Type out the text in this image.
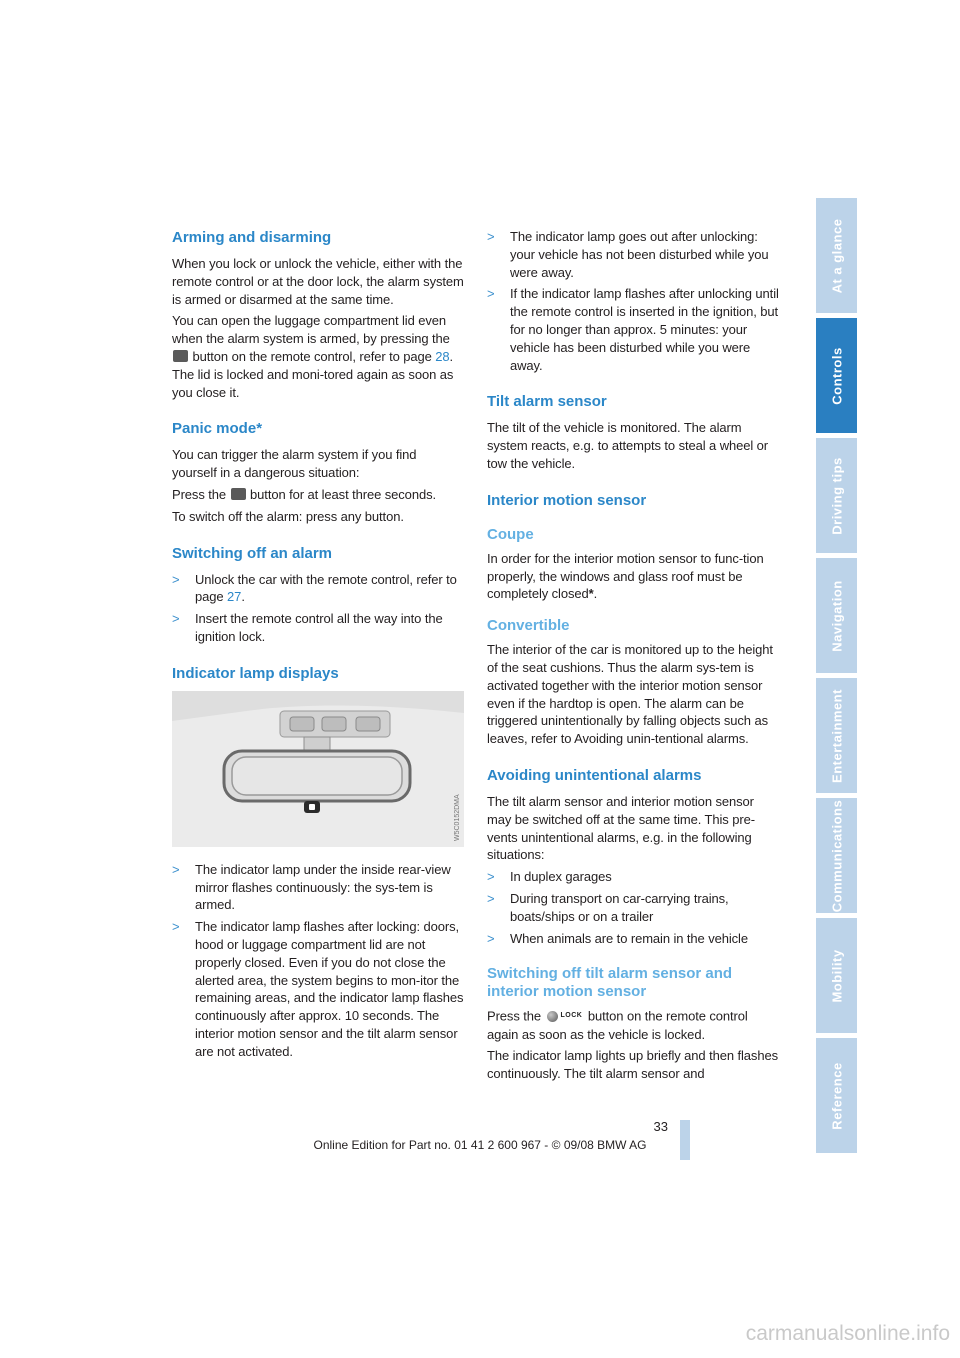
Arming and disarming

When you lock or unlock the vehicle, either with the remote control or at the door lock, the alarm system is armed or disarmed at the same time.

You can open the luggage compartment lid even when the alarm system is armed, by pressing the  button on the remote control, refer to page 28. The lid is locked and moni-tored again as soon as you close it.

Panic mode*

You can trigger the alarm system if you find yourself in a dangerous situation:

Press the button for at least three seconds.

To switch off the alarm: press any button.

Switching off an alarm
> Unlock the car with the remote control, refer to page 27.
> Insert the remote control all the way into the ignition lock.
Indicator lamp displays
W5C0152DMA
> The indicator lamp under the inside rear-view mirror flashes continuously: the sys-tem is armed.
> The indicator lamp flashes after locking: doors, hood or luggage compartment lid are not properly closed. Even if you do not close the alerted area, the system begins to mon-itor the remaining areas, and the indicator lamp flashes continuously after approx. 10 seconds. The interior motion sensor and the tilt alarm sensor are not activated.
> The indicator lamp goes out after unlocking: your vehicle has not been disturbed while you were away.
> If the indicator lamp flashes after unlocking until the remote control is inserted in the ignition, but for no longer than approx. 5 minutes: your vehicle has been disturbed while you were away.
Tilt alarm sensor

The tilt of the vehicle is monitored. The alarm system reacts, e.g. to attempts to steal a wheel or tow the vehicle.

Interior motion sensor
Coupe

In order for the interior motion sensor to func-tion properly, the windows and glass roof must be completely closed*.

Convertible

The interior of the car is monitored up to the height of the seat cushions. Thus the alarm sys-tem is activated together with the interior motion sensor even if the hardtop is open. The alarm can be triggered unintentionally by falling objects such as leaves, refer to Avoiding unin-tentional alarms.

Avoiding unintentional alarms

The tilt alarm sensor and interior motion sensor may be switched off at the same time. This pre-vents unintentional alarms, e.g. in the following situations:

> In duplex garages
> During transport on car-carrying trains, boats/ships or on a trailer
> When animals are to remain in the vehicle
Switching off tilt alarm sensor and interior motion sensor

Press the	LOCK button on the remote control again as soon as the vehicle is locked.

The indicator lamp lights up briefly and then flashes continuously. The tilt alarm sensor and

At a glance
Controls
Driving tips
Navigation
Entertainment
Communications
Mobility
Reference
33
Online Edition for Part no. 01 41 2 600 967 - © 09/08 BMW AG
carmanualsonline.info
